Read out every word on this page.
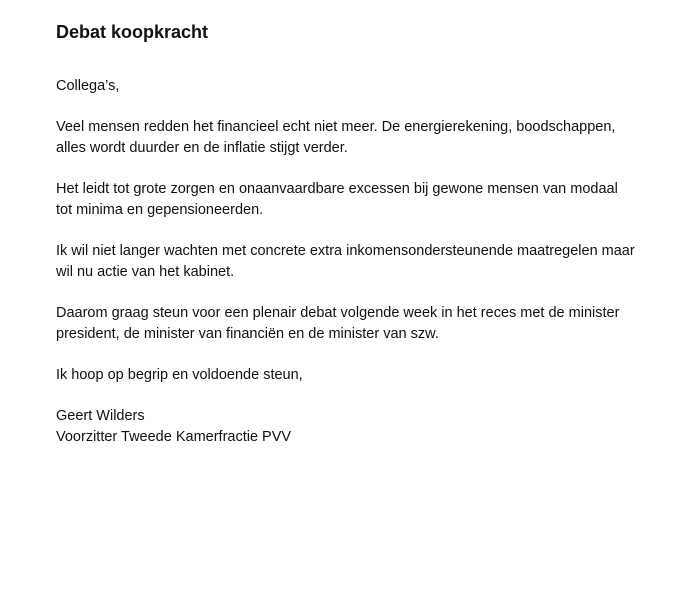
Debat koopkracht

Collega’s,

Veel mensen redden het financieel echt niet meer. De energierekening, boodschappen,
alles wordt duurder en de inflatie stijgt verder.

Het leidt tot grote zorgen en onaanvaardbare excessen bij gewone mensen van modaal
tot minima en gepensioneerden.

Ik wil niet langer wachten met concrete extra inkomensondersteunende maatregelen maar
wil nu actie van het kabinet.

Daarom graag steun voor een plenair debat volgende week in het reces met de minister
president, de minister van financiën en de minister van szw.

Ik hoop op begrip en voldoende steun,

Geert Wilders
Voorzitter Tweede Kamerfractie PVV
